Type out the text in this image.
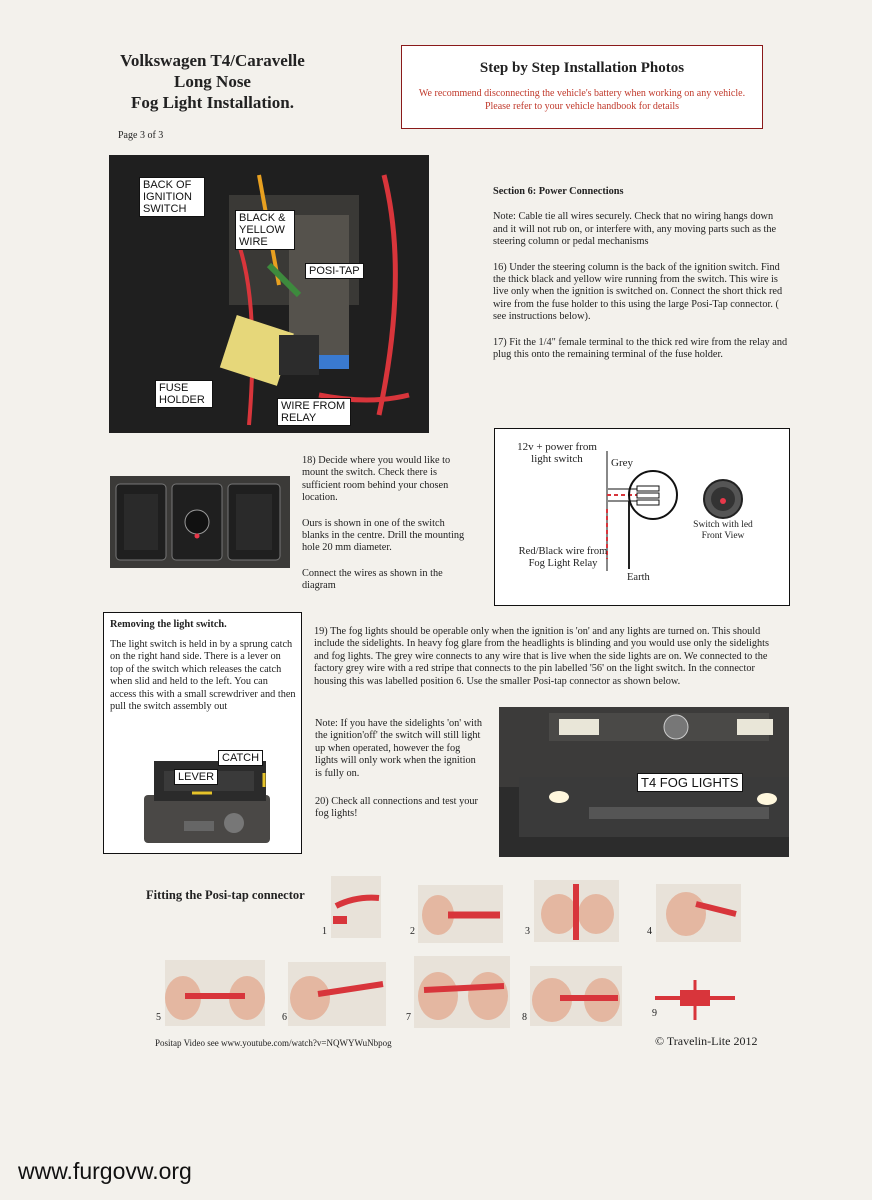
Volkswagen T4/Caravelle
Long Nose
Fog Light Installation.
Page 3 of 3
Step by Step Installation Photos
We recommend disconnecting the vehicle's battery when working on any vehicle. Please refer to your vehicle handbook for details
BACK OF IGNITION SWITCH
BLACK & YELLOW WIRE
POSI-TAP
FUSE HOLDER	WIRE FROM RELAY
Section 6: Power Connections
Note: Cable tie all wires securely. Check that no wiring hangs down and it will not rub on, or interfere with, any moving parts such as the steering column or pedal mechanisms
16) Under the steering column is the back of the ignition switch. Find the thick black and yellow wire running from the switch. This wire is live only when the ignition is switched on. Connect the short thick red wire from the fuse holder to this using the large Posi-Tap connector. ( see instructions below).
17) Fit the 1/4" female terminal to the thick red wire from the relay and plug this onto the remaining terminal of the fuse holder.
18) Decide where you would like to mount the switch. Check there is sufficient room behind your chosen location.
Ours is shown in one of the switch blanks in the centre. Drill the mounting hole 20 mm diameter.
Connect the wires as shown in the diagram
12v + power from light switch	Grey
Switch with led Front View
Red/Black wire from Fog Light Relay
Earth
Removing the light switch.
The light switch is held in by a sprung catch on the right hand side. There is a lever on top of the switch which releases the catch when slid and held to the left. You can access this with a small screwdriver and then pull the switch assembly out
CATCH
LEVER
19) The fog lights should be operable only when the ignition is 'on' and any lights are turned on. This should include the sidelights. In heavy fog glare from the headlights is blinding and you would use only the sidelights and fog lights. The grey wire connects to any wire that is live when the side lights are on. We connected to the factory grey wire with a red stripe that connects to the pin labelled '56' on the light switch. In the connector housing this was labelled position 6. Use the smaller Posi-tap connector as shown below.
Note: If you have the sidelights 'on' with the ignition'off' the switch will still light up when operated, however the fog lights will only work when the ignition is fully on.
20) Check all connections and test your fog lights!
T4 FOG LIGHTS
Fitting the Posi-tap connector
1	2	3	4
5	6	7	8	9
Positap Video see www.youtube.com/watch?v=NQWYWuNbpog	© Travelin-Lite 2012
www.furgovw.org
